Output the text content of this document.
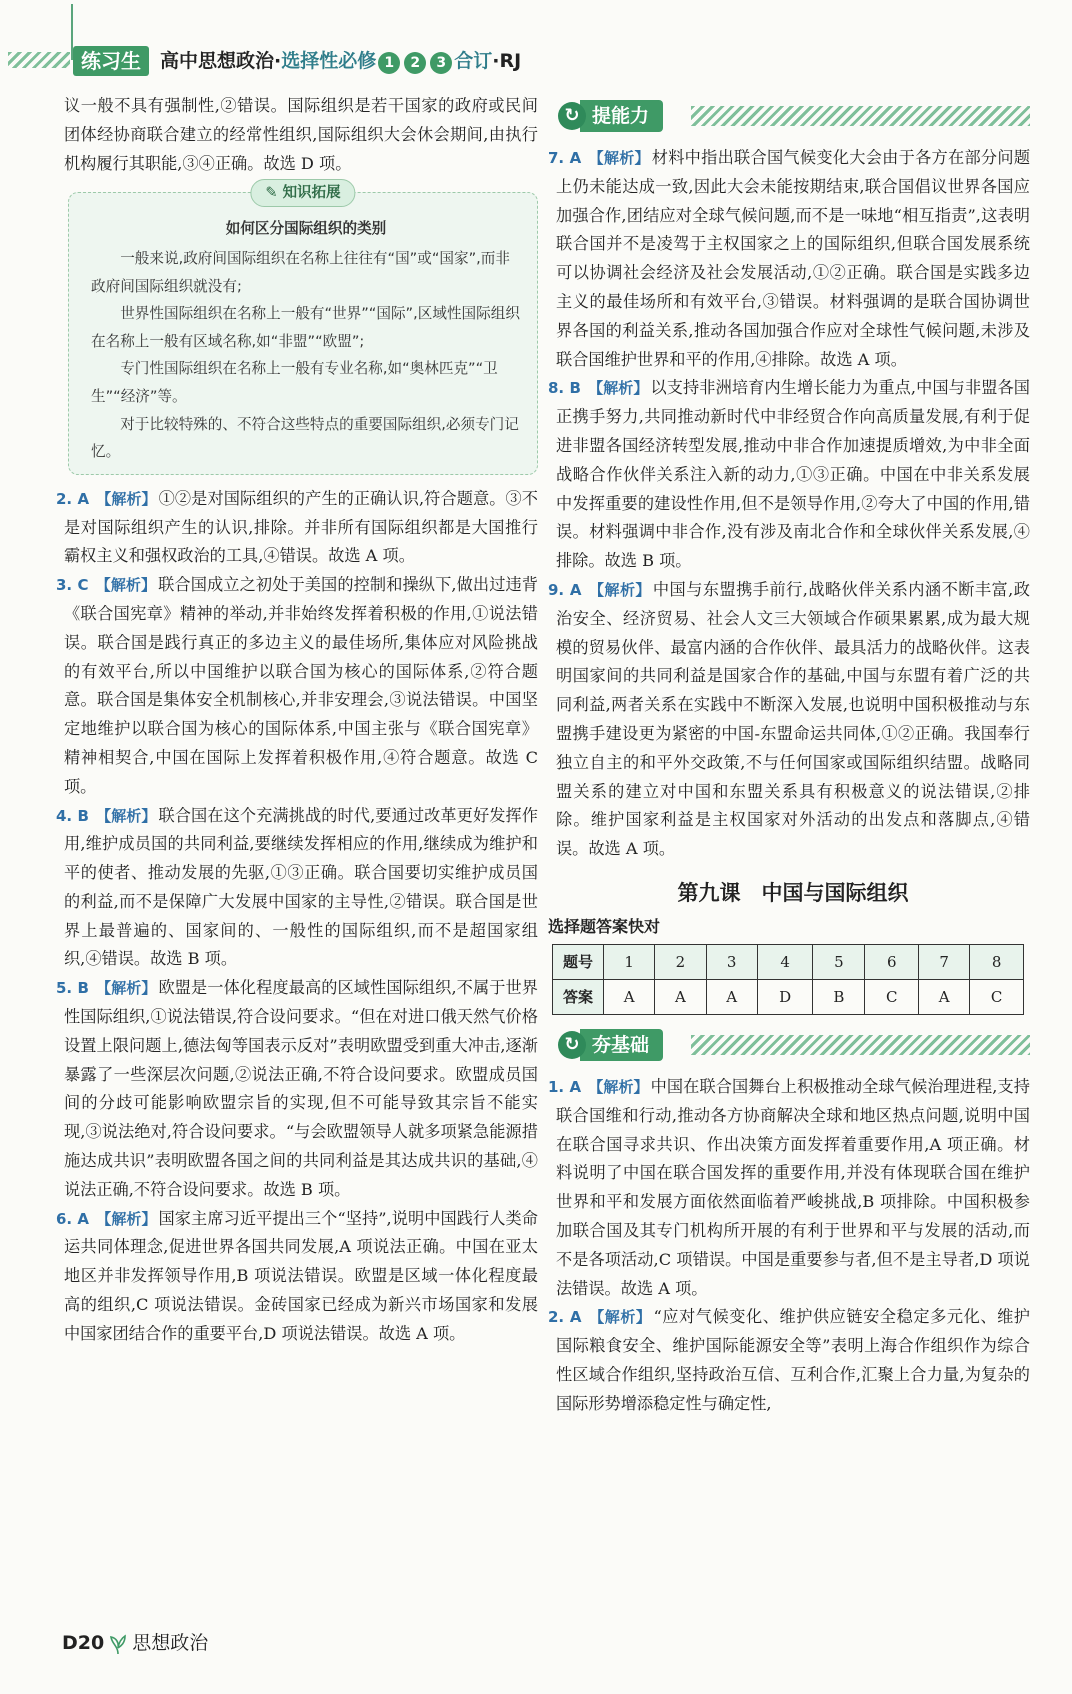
练习生	高中思想政治·选择性必修 1 2 3 合订·RJ

议一般不具有强制性,②错误。国际组织是若干国家的政府或民间团体经协商联合建立的经常性组织,国际组织大会休会期间,由执行机构履行其职能,③④正确。故选 D 项。

✎ 知识拓展
如何区分国际组织的类别

一般来说,政府间国际组织在名称上往往有“国”或“国家”,而非政府间国际组织就没有;

世界性国际组织在名称上一般有“世界”“国际”,区域性国际组织在名称上一般有区域名称,如“非盟”“欧盟”;

专门性国际组织在名称上一般有专业名称,如“奥林匹克”“卫生”“经济”等。

对于比较特殊的、不符合这些特点的重要国际组织,必须专门记忆。

2. A 【解析】 ①②是对国际组织的产生的正确认识,符合题意。③不是对国际组织产生的认识,排除。并非所有国际组织都是大国推行霸权主义和强权政治的工具,④错误。故选 A 项。

3. C 【解析】 联合国成立之初处于美国的控制和操纵下,做出过违背《联合国宪章》精神的举动,并非始终发挥着积极的作用,①说法错误。联合国是践行真正的多边主义的最佳场所,集体应对风险挑战的有效平台,所以中国维护以联合国为核心的国际体系,②符合题意。联合国是集体安全机制核心,并非安理会,③说法错误。中国坚定地维护以联合国为核心的国际体系,中国主张与《联合国宪章》精神相契合,中国在国际上发挥着积极作用,④符合题意。故选 C 项。

4. B 【解析】 联合国在这个充满挑战的时代,要通过改革更好发挥作用,维护成员国的共同利益,要继续发挥相应的作用,继续成为维护和平的使者、推动发展的先驱,①③正确。联合国要切实维护成员国的利益,而不是保障广大发展中国家的主导性,②错误。联合国是世界上最普遍的、国家间的、一般性的国际组织,而不是超国家组织,④错误。故选 B 项。

5. B 【解析】 欧盟是一体化程度最高的区域性国际组织,不属于世界性国际组织,①说法错误,符合设问要求。“但在对进口俄天然气价格设置上限问题上,德法匈等国表示反对”表明欧盟受到重大冲击,逐渐暴露了一些深层次问题,②说法正确,不符合设问要求。欧盟成员国间的分歧可能影响欧盟宗旨的实现,但不可能导致其宗旨不能实现,③说法绝对,符合设问要求。“与会欧盟领导人就多项紧急能源措施达成共识”表明欧盟各国之间的共同利益是其达成共识的基础,④说法正确,不符合设问要求。故选 B 项。

6. A 【解析】 国家主席习近平提出三个“坚持”,说明中国践行人类命运共同体理念,促进世界各国共同发展,A 项说法正确。中国在亚太地区并非发挥领导作用,B 项说法错误。欧盟是区域一体化程度最高的组织,C 项说法错误。金砖国家已经成为新兴市场国家和发展中国家团结合作的重要平台,D 项说法错误。故选 A 项。

提能力
↻

7. A 【解析】 材料中指出联合国气候变化大会由于各方在部分问题上仍未能达成一致,因此大会未能按期结束,联合国倡议世界各国应加强合作,团结应对全球气候问题,而不是一味地“相互指责”,这表明联合国并不是凌驾于主权国家之上的国际组织,但联合国发展系统可以协调社会经济及社会发展活动,①②正确。联合国是实践多边主义的最佳场所和有效平台,③错误。材料强调的是联合国协调世界各国的利益关系,推动各国加强合作应对全球性气候问题,未涉及联合国维护世界和平的作用,④排除。故选 A 项。

8. B 【解析】 以支持非洲培育内生增长能力为重点,中国与非盟各国正携手努力,共同推动新时代中非经贸合作向高质量发展,有利于促进非盟各国经济转型发展,推动中非合作加速提质增效,为中非全面战略合作伙伴关系注入新的动力,①③正确。中国在中非关系发展中发挥重要的建设性作用,但不是领导作用,②夸大了中国的作用,错误。材料强调中非合作,没有涉及南北合作和全球伙伴关系发展,④排除。故选 B 项。

9. A 【解析】 中国与东盟携手前行,战略伙伴关系内涵不断丰富,政治安全、经济贸易、社会人文三大领域合作硕果累累,成为最大规模的贸易伙伴、最富内涵的合作伙伴、最具活力的战略伙伴。这表明国家间的共同利益是国家合作的基础,中国与东盟有着广泛的共同利益,两者关系在实践中不断深入发展,也说明中国积极推动与东盟携手建设更为紧密的中国-东盟命运共同体,①②正确。我国奉行独立自主的和平外交政策,不与任何国家或国际组织结盟。战略同盟关系的建立对中国和东盟关系具有积极意义的说法错误,②排除。维护国家利益是主权国家对外活动的出发点和落脚点,④错误。故选 A 项。

第九课　中国与国际组织
选择题答案快对
题号	1	2	3	4	5	6	7	8
答案	A	A	A	D	B	C	A	C
夯基础
↻

1. A 【解析】 中国在联合国舞台上积极推动全球气候治理进程,支持联合国维和行动,推动各方协商解决全球和地区热点问题,说明中国在联合国寻求共识、作出决策方面发挥着重要作用,A 项正确。材料说明了中国在联合国发挥的重要作用,并没有体现联合国在维护世界和平和发展方面依然面临着严峻挑战,B 项排除。中国积极参加联合国及其专门机构所开展的有利于世界和平与发展的活动,而不是各项活动,C 项错误。中国是重要参与者,但不是主导者,D 项说法错误。故选 A 项。

2. A 【解析】 “应对气候变化、维护供应链安全稳定多元化、维护国际粮食安全、维护国际能源安全等”表明上海合作组织作为综合性区域合作组织,坚持政治互信、互利合作,汇聚上合力量,为复杂的国际形势增添稳定性与确定性,

D20 思想政治
